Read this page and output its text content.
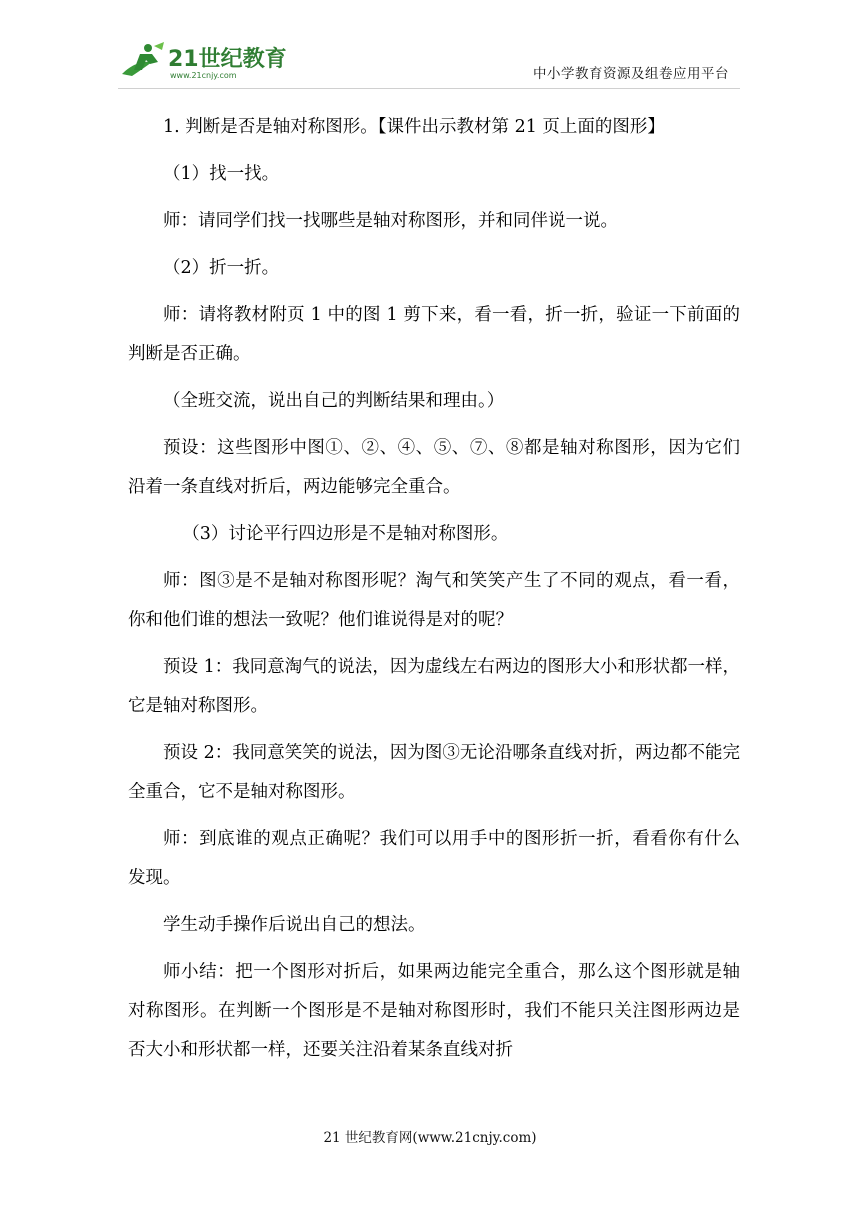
21世纪教育
www.21cnjy.com	中小学教育资源及组卷应用平台

1. 判断是否是轴对称图形。【课件出示教材第 21 页上面的图形】

（1）找一找。

师：请同学们找一找哪些是轴对称图形，并和同伴说一说。

（2）折一折。

师：请将教材附页 1 中的图 1 剪下来，看一看，折一折，验证一下前面的判断是否正确。

（全班交流，说出自己的判断结果和理由。）

预设：这些图形中图①、②、④、⑤、⑦、⑧都是轴对称图形，因为它们沿着一条直线对折后，两边能够完全重合。

（3）讨论平行四边形是不是轴对称图形。

师：图③是不是轴对称图形呢？淘气和笑笑产生了不同的观点，看一看，你和他们谁的想法一致呢？他们谁说得是对的呢？

预设 1：我同意淘气的说法，因为虚线左右两边的图形大小和形状都一样，它是轴对称图形。

预设 2：我同意笑笑的说法，因为图③无论沿哪条直线对折，两边都不能完全重合，它不是轴对称图形。

师：到底谁的观点正确呢？我们可以用手中的图形折一折，看看你有什么发现。

学生动手操作后说出自己的想法。

师小结：把一个图形对折后，如果两边能完全重合，那么这个图形就是轴对称图形。在判断一个图形是不是轴对称图形时，我们不能只关注图形两边是否大小和形状都一样，还要关注沿着某条直线对折

21 世纪教育网(www.21cnjy.com)
